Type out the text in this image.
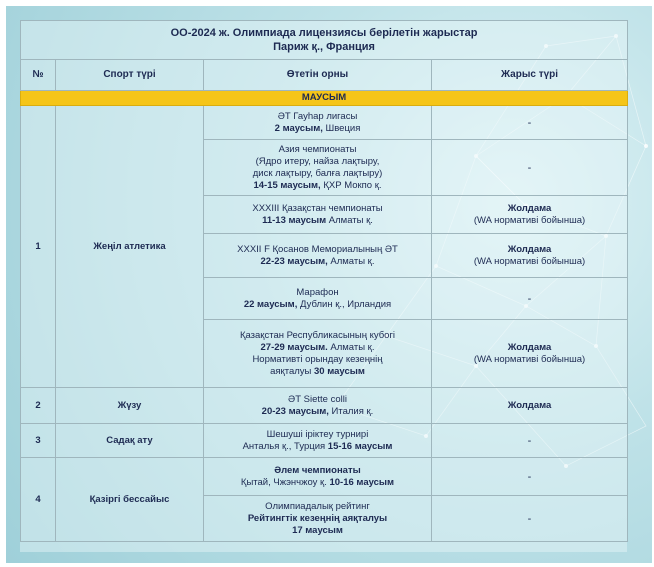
ОО-2024 ж. Олимпиада лицензиясы берілетін жарыстар
Париж қ., Франция			
№	Спорт түрі	Өтетін орны	Жарыс түрі
МАУСЫМ			
1	Жеңіл атлетика	ӘТ Гауһар лигасы
2 маусым, Швеция	-
		Азия чемпионаты
(Ядро итеру, найза лақтыру,
диск лақтыру, балға лақтыру)
14-15 маусым, ҚХР Мокпо қ.	-
		XXXIII Қазақстан чемпионаты
11-13 маусым Алматы қ.	Жолдама
(WA нормативі бойынша)
		XXXII F Қосанов Мемориалының ӘТ
22-23 маусым, Алматы қ.	Жолдама
(WA нормативі бойынша)
		Марафон
22 маусым, Дублин қ., Ирландия	-
		Қазақстан Республикасының кубогі
27-29 маусым. Алматы қ.
Нормативті орындау кезеңнің
аяқталуы 30 маусым	Жолдама
(WA нормативі бойынша)
2	Жүзу	ӘТ Siette colli
20-23 маусым, Италия қ.	Жолдама
3	Садақ ату	Шешуші іріктеу турнирі
Анталья қ., Турция 15-16 маусым	-
4	Қазіргі бессайыс	Әлем чемпионаты
Қытай, Чжэнчжоу қ. 10-16 маусым	-
		Олимпиадалық рейтинг
Рейтингтік кезеңнің аяқталуы
17 маусым	-
